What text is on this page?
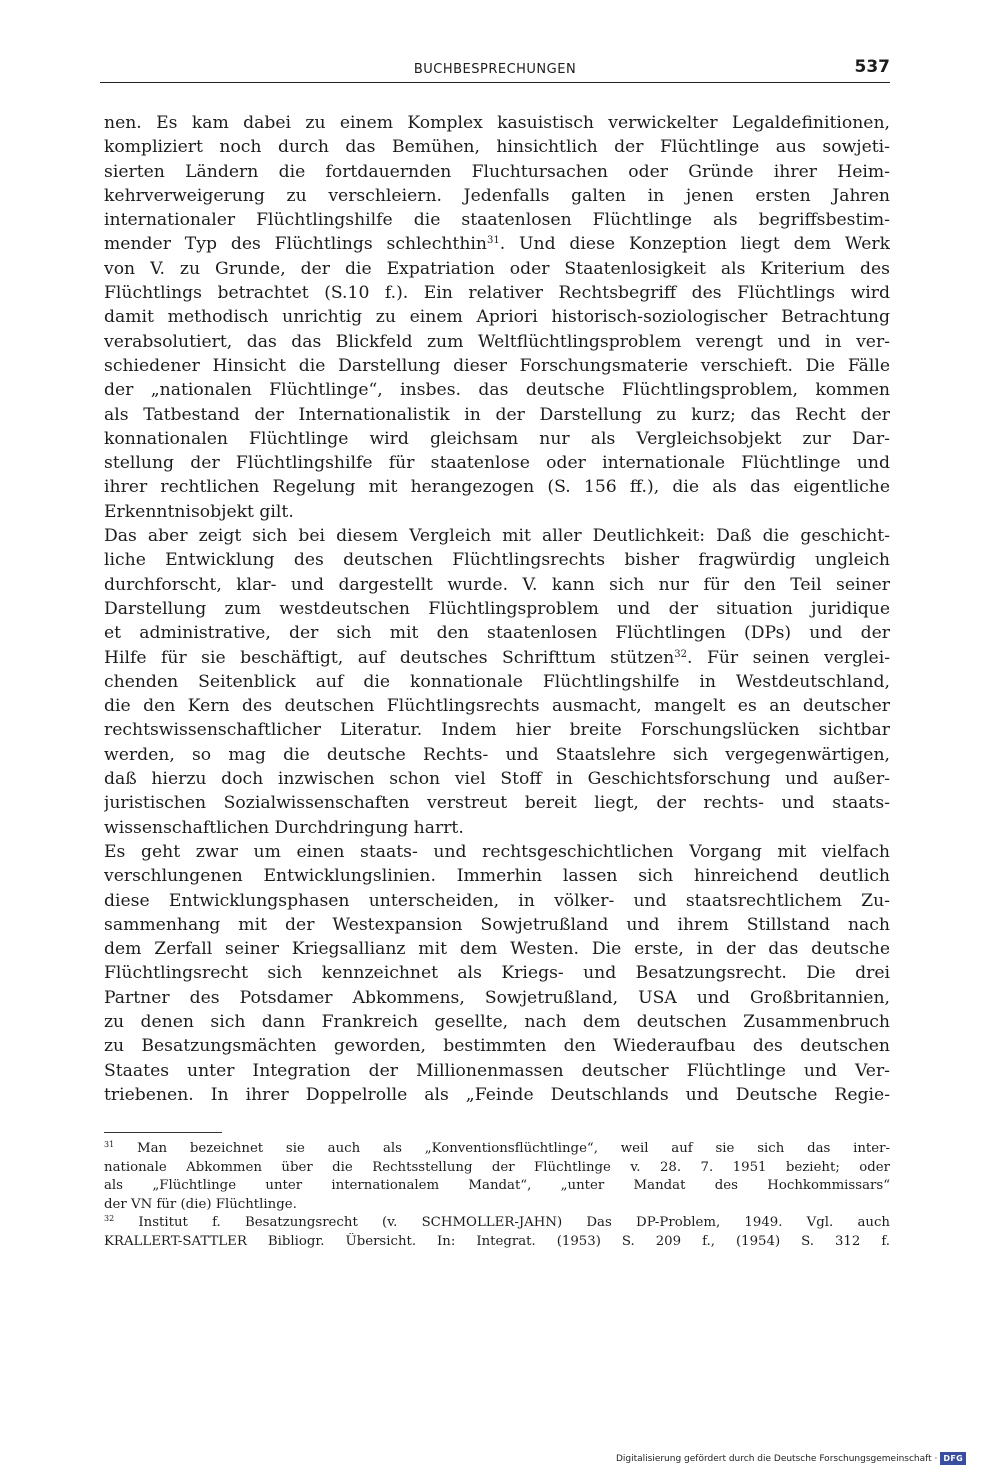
BUCHBESPRECHUNGEN	537
nen. Es kam dabei zu einem Komplex kasuistisch verwickelter Legaldefinitionen,
kompliziert noch durch das Bemühen, hinsichtlich der Flüchtlinge aus sowjeti-
sierten Ländern die fortdauernden Fluchtursachen oder Gründe ihrer Heim-
kehrverweigerung zu verschleiern. Jedenfalls galten in jenen ersten Jahren
internationaler Flüchtlingshilfe die staatenlosen Flüchtlinge als begriffsbestim-
mender Typ des Flüchtlings schlechthin$^{31}$. Und diese Konzeption liegt dem Werk
von V. zu Grunde, der die Expatriation oder Staatenlosigkeit als Kriterium des
Flüchtlings betrachtet (S.10 f.). Ein relativer Rechtsbegriff des Flüchtlings wird
damit methodisch unrichtig zu einem Apriori historisch-soziologischer Betrachtung
verabsolutiert, das das Blickfeld zum Weltflüchtlingsproblem verengt und in ver-
schiedener Hinsicht die Darstellung dieser Forschungsmaterie verschieft. Die Fälle
der „nationalen Flüchtlinge“, insbes. das deutsche Flüchtlingsproblem, kommen
als Tatbestand der Internationalistik in der Darstellung zu kurz; das Recht der
konnationalen Flüchtlinge wird gleichsam nur als Vergleichsobjekt zur Dar-
stellung der Flüchtlingshilfe für staatenlose oder internationale Flüchtlinge und
ihrer rechtlichen Regelung mit herangezogen (S. 156 ff.), die als das eigentliche
Erkenntnisobjekt gilt.
Das aber zeigt sich bei diesem Vergleich mit aller Deutlichkeit: Daß die geschicht-
liche Entwicklung des deutschen Flüchtlingsrechts bisher fragwürdig ungleich
durchforscht, klar- und dargestellt wurde. V. kann sich nur für den Teil seiner
Darstellung zum westdeutschen Flüchtlingsproblem und der situation juridique
et administrative, der sich mit den staatenlosen Flüchtlingen (DPs) und der
Hilfe für sie beschäftigt, auf deutsches Schrifttum stützen$^{32}$. Für seinen verglei-
chenden Seitenblick auf die konnationale Flüchtlingshilfe in Westdeutschland,
die den Kern des deutschen Flüchtlingsrechts ausmacht, mangelt es an deutscher
rechtswissenschaftlicher Literatur. Indem hier breite Forschungslücken sichtbar
werden, so mag die deutsche Rechts- und Staatslehre sich vergegenwärtigen,
daß hierzu doch inzwischen schon viel Stoff in Geschichtsforschung und außer-
juristischen Sozialwissenschaften verstreut bereit liegt, der rechts- und staats-
wissenschaftlichen Durchdringung harrt.
Es geht zwar um einen staats- und rechtsgeschichtlichen Vorgang mit vielfach
verschlungenen Entwicklungslinien. Immerhin lassen sich hinreichend deutlich
diese Entwicklungsphasen unterscheiden, in völker- und staatsrechtlichem Zu-
sammenhang mit der Westexpansion Sowjetrußland und ihrem Stillstand nach
dem Zerfall seiner Kriegsallianz mit dem Westen. Die erste, in der das deutsche
Flüchtlingsrecht sich kennzeichnet als Kriegs- und Besatzungsrecht. Die drei
Partner des Potsdamer Abkommens, Sowjetrußland, USA und Großbritannien,
zu denen sich dann Frankreich gesellte, nach dem deutschen Zusammenbruch
zu Besatzungsmächten geworden, bestimmten den Wiederaufbau des deutschen
Staates unter Integration der Millionenmassen deutscher Flüchtlinge und Ver-
triebenen. In ihrer Doppelrolle als „Feinde Deutschlands und Deutsche Regie-
$^{31}$ Man bezeichnet sie auch als „Konventionsflüchtlinge“, weil auf sie sich das inter-
nationale Abkommen über die Rechtsstellung der Flüchtlinge v. 28. 7. 1951 bezieht; oder
als „Flüchtlinge unter internationalem Mandat“, „unter Mandat des Hochkommissars“
der VN für (die) Flüchtlinge.
$^{32}$ Institut f. Besatzungsrecht (v. SCHMOLLER-JAHN) Das DP-Problem, 1949. Vgl. auch
KRALLERT-SATTLER Bibliogr. Übersicht. In: Integrat. (1953) S. 209 f., (1954) S. 312 f.
Digitalisierung gefördert durch die Deutsche Forschungsgemeinschaft · DFG
